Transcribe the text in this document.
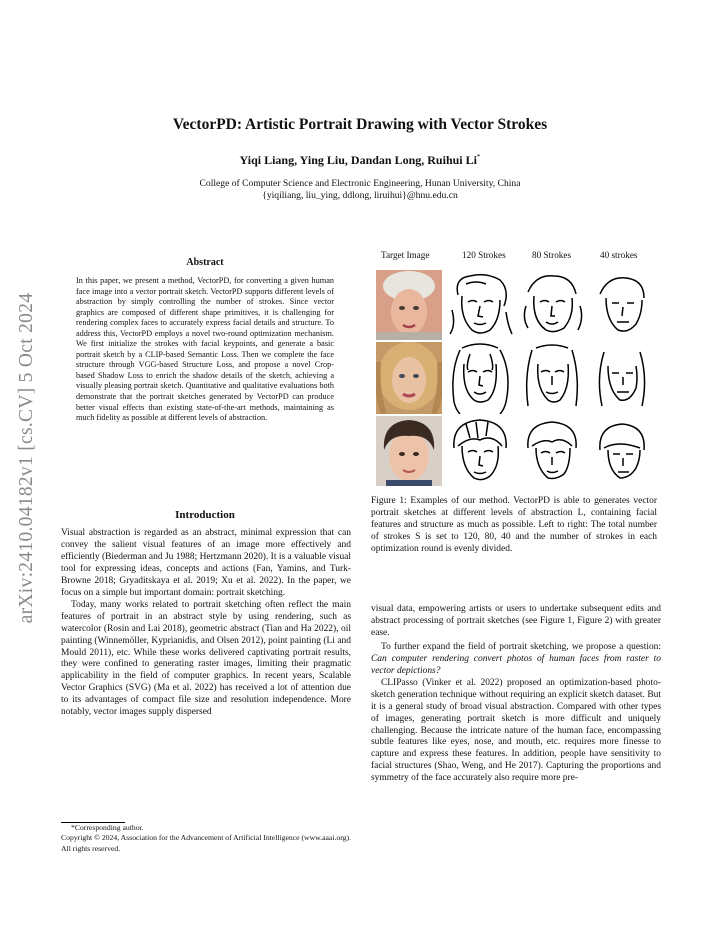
VectorPD: Artistic Portrait Drawing with Vector Strokes
Yiqi Liang, Ying Liu, Dandan Long, Ruihui Li*
College of Computer Science and Electronic Engineering, Hunan University, China
{yiqiliang, liu_ying, ddlong, liruihui}@hnu.edu.cn
arXiv:2410.04182v1 [cs.CV] 5 Oct 2024
Abstract
In this paper, we present a method, VectorPD, for converting a given human face image into a vector portrait sketch. VectorPD supports different levels of abstraction by simply controlling the number of strokes. Since vector graphics are composed of different shape primitives, it is challenging for rendering complex faces to accurately express facial details and structure. To address this, VectorPD employs a novel two-round optimization mechanism. We first initialize the strokes with facial keypoints, and generate a basic portrait sketch by a CLIP-based Semantic Loss. Then we complete the face structure through VGG-based Structure Loss, and propose a novel Crop-based Shadow Loss to enrich the shadow details of the sketch, achieving a visually pleasing portrait sketch. Quantitative and qualitative evaluations both demonstrate that the portrait sketches generated by VectorPD can produce better visual effects than existing state-of-the-art methods, maintaining as much fidelity as possible at different levels of abstraction.
Introduction

Visual abstraction is regarded as an abstract, minimal expression that can convey the salient visual features of an image more effectively and efficiently (Biederman and Ju 1988; Hertzmann 2020). It is a valuable visual tool for expressing ideas, concepts and actions (Fan, Yamins, and Turk-Browne 2018; Gryaditskaya et al. 2019; Xu et al. 2022). In the paper, we focus on a simple but important domain: portrait sketching.

Today, many works related to portrait sketching often reflect the main features of portrait in an abstract style by using rendering, such as watercolor (Rosin and Lai 2018), geometric abstract (Tian and Ha 2022), oil painting (Winnemöller, Kyprianidis, and Olsen 2012), point painting (Li and Mould 2011), etc. While these works delivered captivating portrait results, they were confined to generating raster images, limiting their pragmatic applicability in the field of computer graphics. In recent years, Scalable Vector Graphics (SVG) (Ma et al. 2022) has received a lot of attention due to its advantages of compact file size and resolution independence. More notably, vector images supply dispersed

*Corresponding author.
Copyright © 2024, Association for the Advancement of Artificial Intelligence (www.aaai.org). All rights reserved.
Target Image	120 Strokes	80 Strokes	40 strokes
Figure 1: Examples of our method. VectorPD is able to generates vector portrait sketches at different levels of abstraction L, containing facial features and structure as much as possible. Left to right: The total number of strokes S is set to 120, 80, 40 and the number of strokes in each optimization round is evenly divided.

visual data, empowering artists or users to undertake subsequent edits and abstract processing of portrait sketches (see Figure 1, Figure 2) with greater ease.

To further expand the field of portrait sketching, we propose a question: Can computer rendering convert photos of human faces from raster to vector depictions?

CLIPasso (Vinker et al. 2022) proposed an optimization-based photo-sketch generation technique without requiring an explicit sketch dataset. But it is a general study of broad visual abstraction. Compared with other types of images, generating portrait sketch is more difficult and uniquely challenging. Because the intricate nature of the human face, encompassing subtle features like eyes, nose, and mouth, etc. requires more finesse to capture and express these features. In addition, people have sensitivity to facial structures (Shao, Weng, and He 2017). Capturing the proportions and symmetry of the face accurately also require more pre-
